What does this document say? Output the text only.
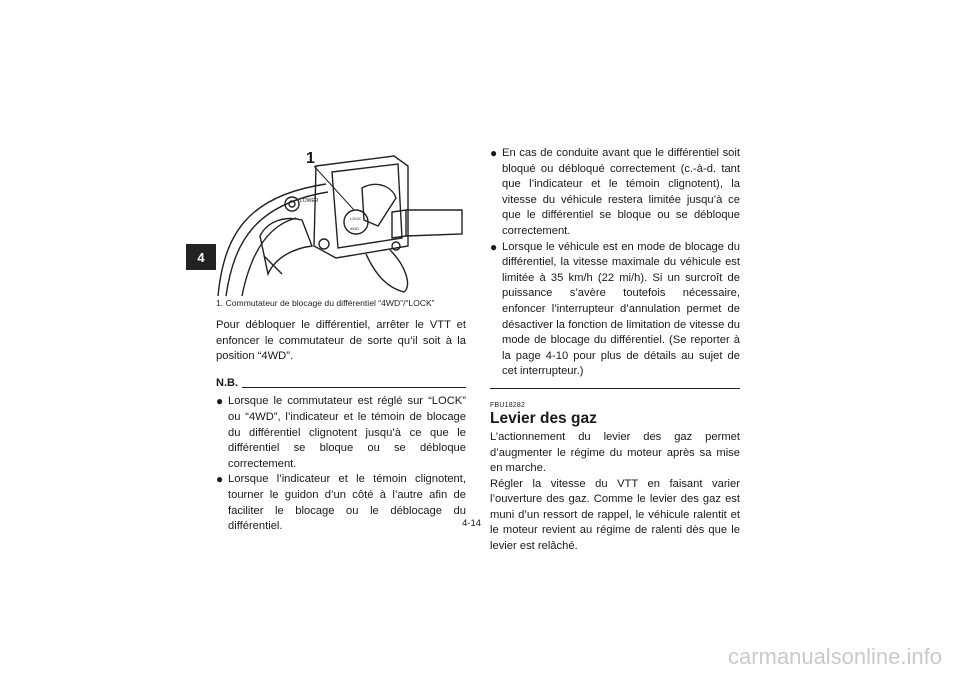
4
LOWER
LOCK
4WD
1
1. Commutateur de blocage du différentiel “4WD”/“LOCK”

Pour débloquer le différentiel, arrêter le VTT et enfoncer le commutateur de sorte qu’il soit à la position “4WD”.

N.B.
● Lorsque le commutateur est réglé sur “LOCK” ou “4WD”, l’indicateur et le témoin de blocage du différentiel clignotent jusqu’à ce que le différentiel se bloque ou se débloque correctement.
● Lorsque l’indicateur et le témoin clignotent, tourner le guidon d’un côté à l’autre afin de faciliter le blocage ou le déblocage du différentiel.
● En cas de conduite avant que le différentiel soit bloqué ou débloqué correctement (c.-à-d. tant que l’indicateur et le témoin clignotent), la vitesse du véhicule restera limitée jusqu’à ce que le différentiel se bloque ou se débloque correctement.
● Lorsque le véhicule est en mode de blocage du différentiel, la vitesse maximale du véhicule est limitée à 35 km/h (22 mi/h). Si un surcroît de puissance s’avère toutefois nécessaire, enfoncer l’interrupteur d’annulation permet de désactiver la fonction de limitation de vitesse du mode de blocage du différentiel. (Se reporter à la page 4-10 pour plus de détails au sujet de cet interrupteur.)
FBU18282
Levier des gaz

L’actionnement du levier des gaz permet d’augmenter le régime du moteur après sa mise en marche.

Régler la vitesse du VTT en faisant varier l’ouverture des gaz. Comme le levier des gaz est muni d’un ressort de rappel, le véhicule ralentit et le moteur revient au régime de ralenti dès que le levier est relâché.

4-14
carmanualsonline.info
